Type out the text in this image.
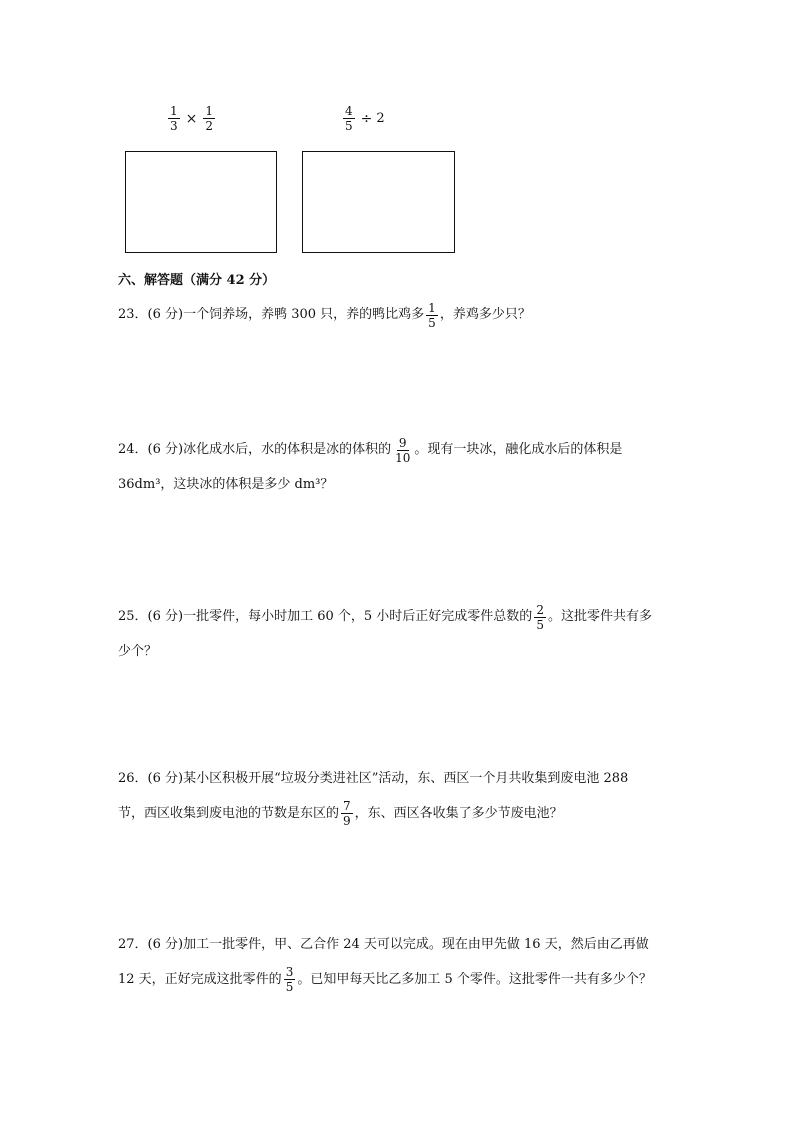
$\frac{1}{3} \times \frac{1}{2}$	$\frac{4}{5} \div 2$
六、解答题（满分 42 分）
23．(6 分)一个饲养场，养鸭 300 只，养的鸭比鸡多 $\frac{1}{5}$ ，养鸡多少只？
24．(6 分)冰化成水后，水的体积是冰的体积的 $\frac{9}{10}$ 。现有一块冰，融化成水后的体积是
36dm³，这块冰的体积是多少 dm³？
25．(6 分)一批零件，每小时加工 60 个，5 小时后正好完成零件总数的 $\frac{2}{5}$ 。这批零件共有多
少个？
26．(6 分)某小区积极开展“垃圾分类进社区”活动，东、西区一个月共收集到废电池 288
节，西区收集到废电池的节数是东区的 $\frac{7}{9}$ ，东、西区各收集了多少节废电池？
27．(6 分)加工一批零件，甲、乙合作 24 天可以完成。现在由甲先做 16 天，然后由乙再做
12 天，正好完成这批零件的 $\frac{3}{5}$ 。已知甲每天比乙多加工 5 个零件。这批零件一共有多少个？
